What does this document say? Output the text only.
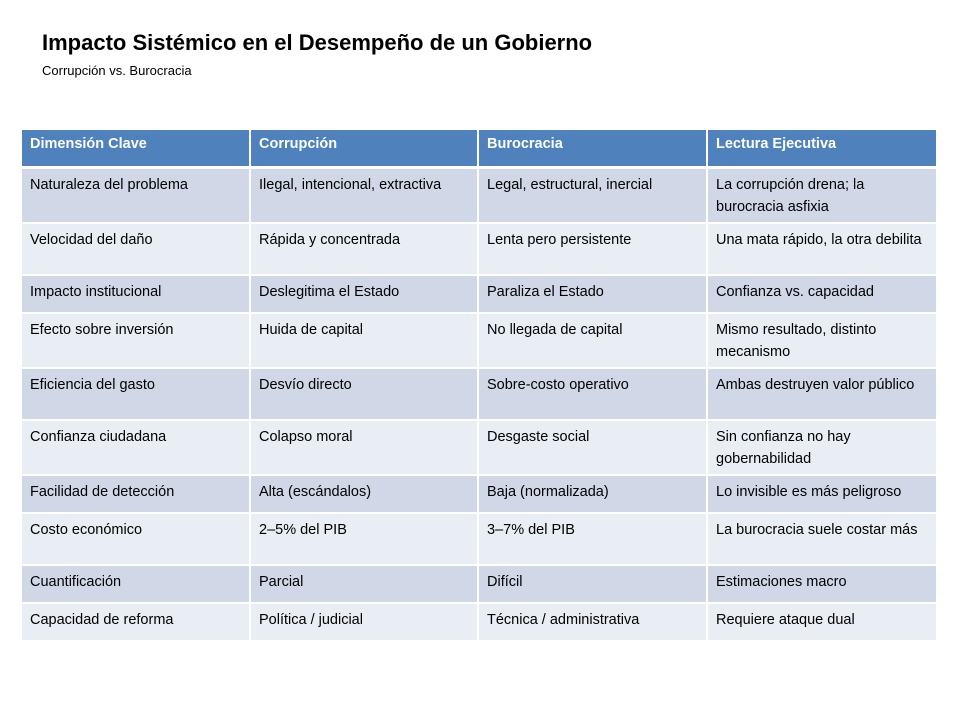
Impacto Sistémico en el Desempeño de un Gobierno
Corrupción vs. Burocracia
Dimensión Clave	Corrupción	Burocracia	Lectura Ejecutiva
Naturaleza del problema	Ilegal, intencional, extractiva	Legal, estructural, inercial	La corrupción drena; la burocracia asfixia
Velocidad del daño	Rápida y concentrada	Lenta pero persistente	Una mata rápido, la otra debilita
Impacto institucional	Deslegitima el Estado	Paraliza el Estado	Confianza vs. capacidad
Efecto sobre inversión	Huida de capital	No llegada de capital	Mismo resultado, distinto mecanismo
Eficiencia del gasto	Desvío directo	Sobre-costo operativo	Ambas destruyen valor público
Confianza ciudadana	Colapso moral	Desgaste social	Sin confianza no hay gobernabilidad
Facilidad de detección	Alta (escándalos)	Baja (normalizada)	Lo invisible es más peligroso
Costo económico	2–5% del PIB	3–7% del PIB	La burocracia suele costar más
Cuantificación	Parcial	Difícil	Estimaciones macro
Capacidad de reforma	Política / judicial	Técnica / administrativa	Requiere ataque dual
